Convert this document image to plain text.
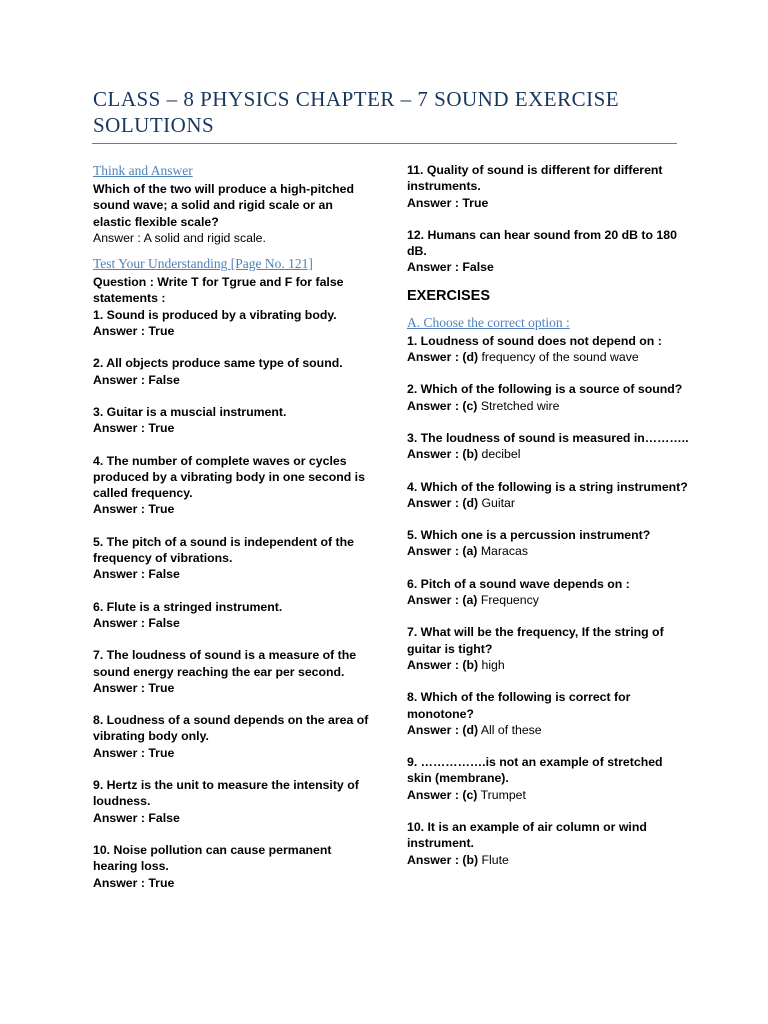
CLASS – 8 PHYSICS CHAPTER – 7 SOUND EXERCISE SOLUTIONS
Think and Answer
Which of the two will produce a high-pitched sound wave; a solid and rigid scale or an elastic flexible scale?
Answer : A solid and rigid scale.
Test Your Understanding [Page No. 121]
Question : Write T for Tgrue and F for false statements :
1. Sound is produced by a vibrating body.
Answer : True
2. All objects produce same type of sound.
Answer : False
3. Guitar is a muscial instrument.
Answer : True
4. The number of complete waves or cycles produced by a vibrating body in one second is called frequency.
Answer : True
5. The pitch of a sound is independent of the frequency of vibrations.
Answer : False
6. Flute is a stringed instrument.
Answer : False
7. The loudness of sound is a measure of the sound energy reaching the ear per second.
Answer : True
8. Loudness of a sound depends on the area of vibrating body only.
Answer : True
9. Hertz is the unit to measure the intensity of loudness.
Answer : False
10. Noise pollution can cause permanent hearing loss.
Answer : True
11. Quality of sound is different for different instruments.
Answer : True
12. Humans can hear sound from 20 dB to 180 dB.
Answer : False
EXERCISES
A. Choose the correct option :
1. Loudness of sound does not depend on :
Answer : (d) frequency of the sound wave
2. Which of the following is a source of sound?
Answer : (c) Stretched wire
3. The loudness of sound is measured in………..
Answer : (b) decibel
4. Which of the following is a string instrument?
Answer : (d) Guitar
5. Which one is a percussion instrument?
Answer : (a) Maracas
6. Pitch of a sound wave depends on :
Answer : (a) Frequency
7. What will be the frequency, If the string of guitar is tight?
Answer : (b) high
8. Which of the following is correct for monotone?
Answer : (d) All of these
9. …………….is not an example of stretched skin (membrane).
Answer : (c) Trumpet
10. It is an example of air column or wind instrument.
Answer : (b) Flute
